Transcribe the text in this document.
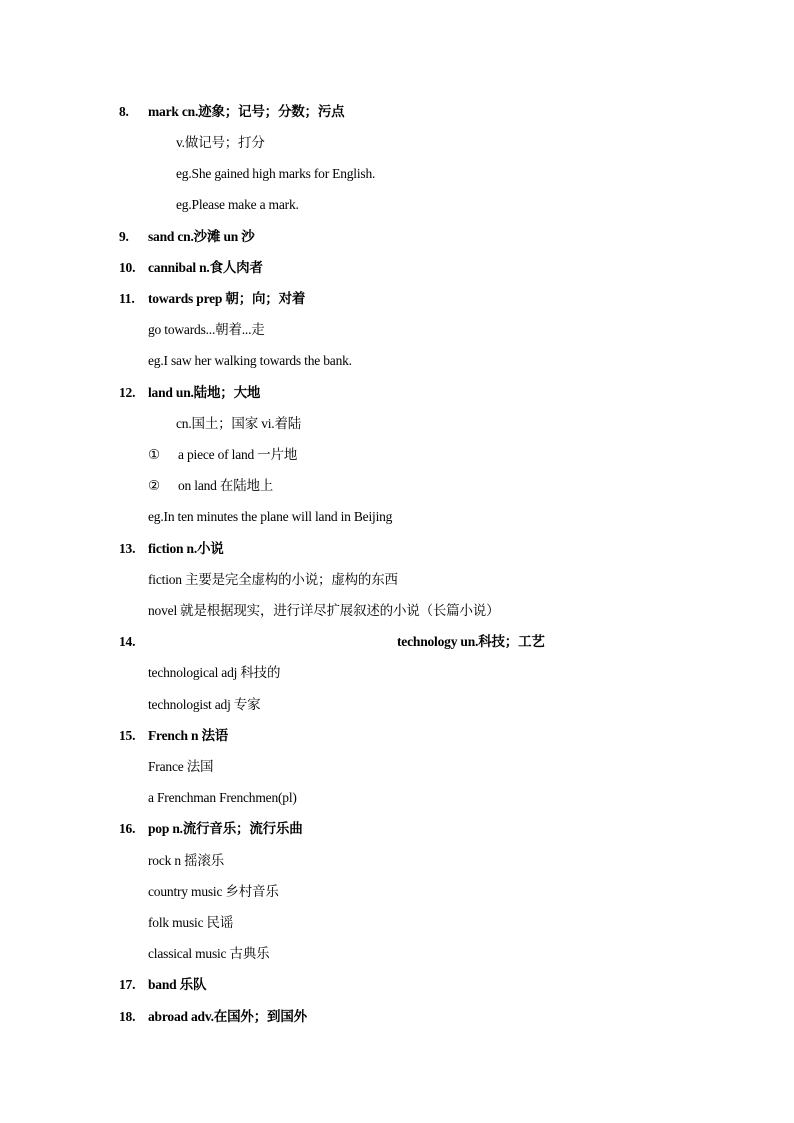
8. mark cn.迹象；记号；分数；污点
v.做记号；打分
eg.She gained high marks for English.
eg.Please make a mark.
9. sand cn.沙滩 un 沙
10. cannibal n.食人肉者
11. towards prep 朝；向；对着
go towards...朝着...走
eg.I saw her walking towards the bank.
12. land un.陆地；大地
cn.国土；国家 vi.着陆
① a piece of land 一片地
② on land 在陆地上
eg.In ten minutes the plane will land in Beijing
13. fiction n.小说
fiction 主要是完全虚构的小说；虚构的东西
novel 就是根据现实，进行详尽扩展叙述的小说（长篇小说）
14.	technology un.科技；工艺
technological adj 科技的
technologist adj 专家
15. French n 法语
France 法国
a Frenchman Frenchmen(pl)
16. pop n.流行音乐；流行乐曲
rock n 摇滚乐
country music 乡村音乐
folk music 民谣
classical music 古典乐
17. band 乐队
18. abroad adv.在国外；到国外
